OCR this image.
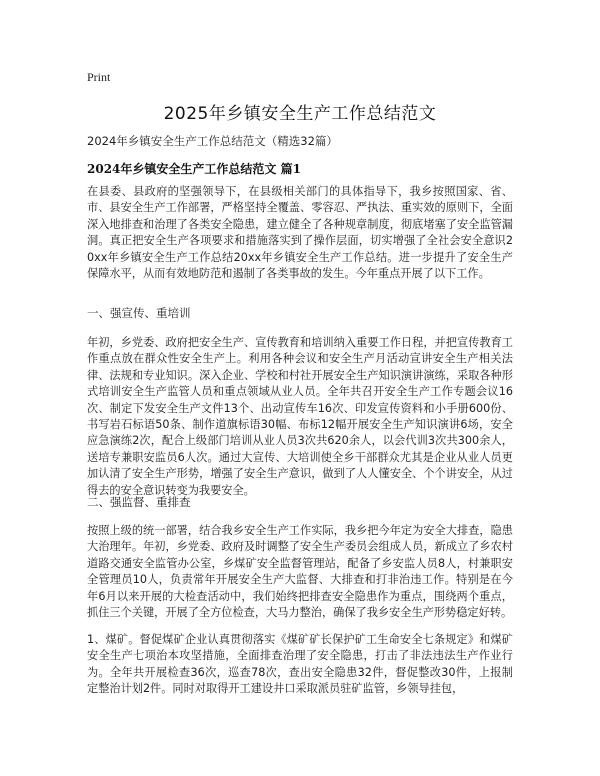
Print
2025年乡镇安全生产工作总结范文
2024年乡镇安全生产工作总结范文（精选32篇）
2024年乡镇安全生产工作总结范文 篇1

在县委、县政府的坚强领导下，在县级相关部门的具体指导下，我乡按照国家、省、市、县安全生产工作部署，严格坚持全覆盖、零容忍、严执法、重实效的原则下，全面深入地排查和治理了各类安全隐患，建立健全了各种规章制度，彻底堵塞了安全监管漏洞。真正把安全生产各项要求和措施落实到了操作层面，切实增强了全社会安全意识20xx年乡镇安全生产工作总结20xx年乡镇安全生产工作总结。进一步提升了安全生产保障水平，从而有效地防范和遏制了各类事故的发生。今年重点开展了以下工作。

一、强宣传、重培训

年初，乡党委、政府把安全生产、宣传教育和培训纳入重要工作日程，并把宣传教育工作重点放在群众性安全生产上。利用各种会议和安全生产月活动宣讲安全生产相关法律、法规和专业知识。深入企业、学校和村社开展安全生产知识演讲演练，采取各种形式培训安全生产监管人员和重点领域从业人员。全年共召开安全生产工作专题会议16次、制定下发安全生产文件13个、出动宣传车16次、印发宣传资料和小手册600份、书写岩石标语50条、制作道旗标语30幅、布标12幅开展安全生产知识演讲6场，安全应急演练2次，配合上级部门培训从业人员3次共620余人，以会代训3次共300余人，送培专兼职安监员6人次。通过大宣传、大培训使全乡干部群众尤其是企业从业人员更加认清了安全生产形势，增强了安全生产意识，做到了人人懂安全、个个讲安全，从过得去的安全意识转变为我要安全。

二、强监督、重排查

按照上级的统一部署，结合我乡安全生产工作实际，我乡把今年定为安全大排查，隐患大治理年。年初，乡党委、政府及时调整了安全生产委员会组成人员，新成立了乡农村道路交通安全监管办公室，乡煤矿安全监督管理站，配备了乡安监人员8人，村兼职安全管理员10人，负责常年开展安全生产大监督、大排查和打非治违工作。特别是在今年6月以来开展的大检查活动中，我们始终把排查安全隐患作为重点，围绕两个重点，抓住三个关键，开展了全方位检查，大马力整治，确保了我乡安全生产形势稳定好转。

1、煤矿。督促煤矿企业认真贯彻落实《煤矿矿长保护矿工生命安全七条规定》和煤矿安全生产七项治本攻坚措施，全面排查治理了安全隐患，打击了非法违法生产作业行为。全年共开展检查36次，巡查78次，查出安全隐患32件，督促整改30件，上报制定整治计划2件。同时对取得开工建设井口采取派员驻矿监管，乡领导挂包，
